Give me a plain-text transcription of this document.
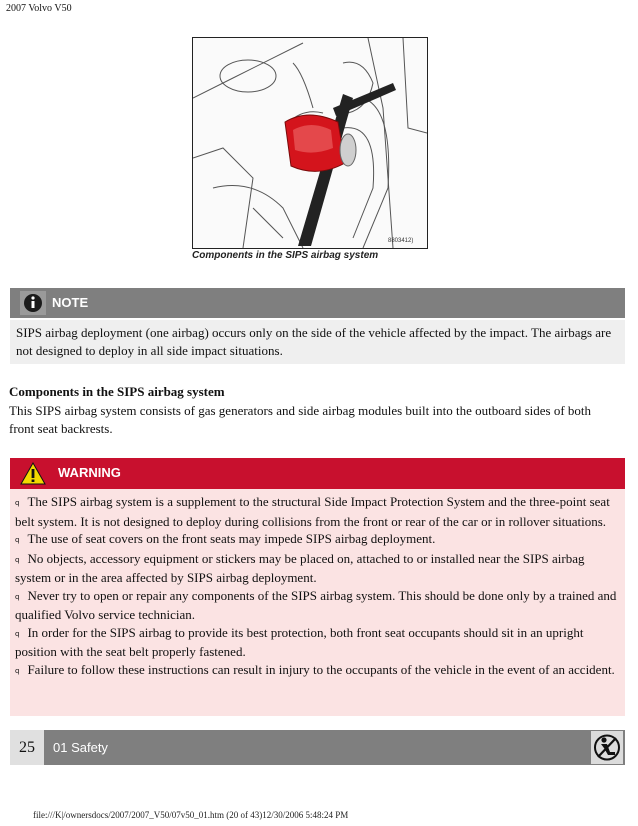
2007 Volvo V50
8803412)
Components in the SIPS airbag system
NOTE
SIPS airbag deployment (one airbag) occurs only on the side of the vehicle affected by the impact. The airbags are not designed to deploy in all side impact situations.
Components in the SIPS airbag system
This SIPS airbag system consists of gas generators and side airbag modules built into the outboard sides of both front seat backrests.
WARNING

q The SIPS airbag system is a supplement to the structural Side Impact Protection System and the three-point seat belt system. It is not designed to deploy during collisions from the front or rear of the car or in rollover situations.

q The use of seat covers on the front seats may impede SIPS airbag deployment.

q No objects, accessory equipment or stickers may be placed on, attached to or installed near the SIPS airbag system or in the area affected by SIPS airbag deployment.

q Never try to open or repair any components of the SIPS airbag system. This should be done only by a trained and qualified Volvo service technician.

q In order for the SIPS airbag to provide its best protection, both front seat occupants should sit in an upright position with the seat belt properly fastened.

q Failure to follow these instructions can result in injury to the occupants of the vehicle in the event of an accident.

25	01 Safety
file:///K|/ownersdocs/2007/2007_V50/07v50_01.htm (20 of 43)12/30/2006 5:48:24 PM
